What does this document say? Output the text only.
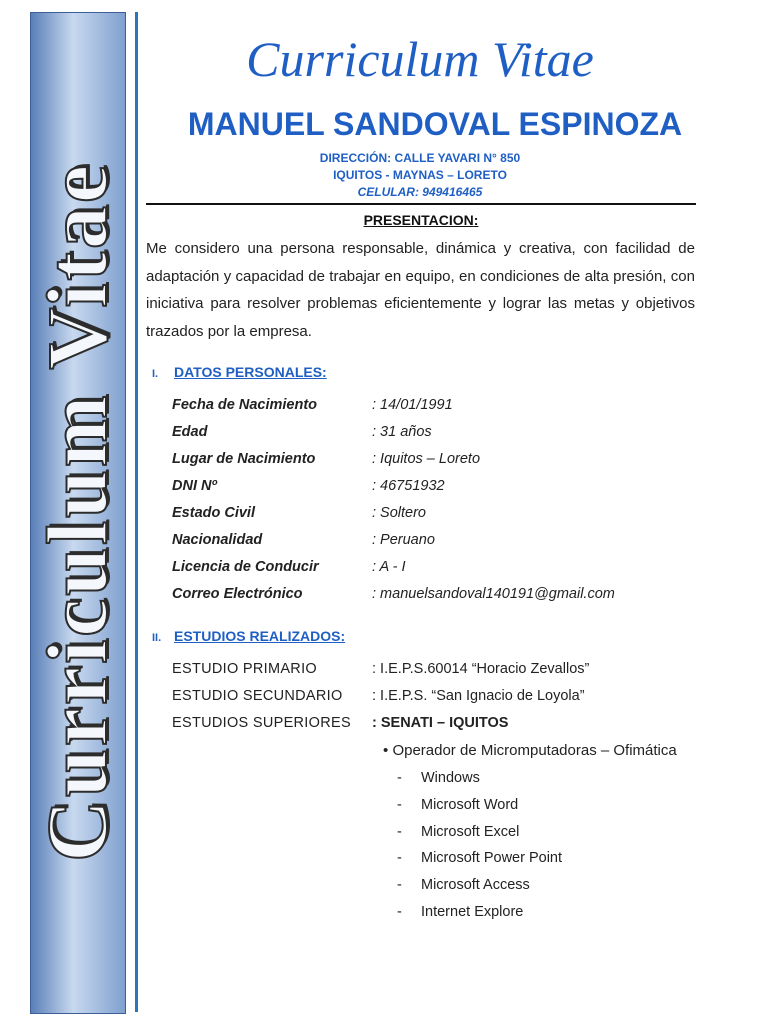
Curriculum Vitae
Curriculum Vitae
MANUEL SANDOVAL ESPINOZA
DIRECCIÓN: CALLE YAVARI N° 850
IQUITOS - MAYNAS – LORETO
CELULAR: 949416465
PRESENTACION:
Me considero una persona responsable, dinámica y creativa, con facilidad de adaptación y capacidad de trabajar en equipo, en condiciones de alta presión, con iniciativa para resolver problemas eficientemente y lograr las metas y objetivos trazados por la empresa.
I. DATOS PERSONALES:
Fecha de Nacimiento	: 14/01/1991
Edad	: 31 años
Lugar de Nacimiento	: Iquitos – Loreto
DNI Nº	: 46751932
Estado Civil	: Soltero
Nacionalidad	: Peruano
Licencia de Conducir	: A - I
Correo Electrónico	: manuelsandoval140191@gmail.com
II. ESTUDIOS REALIZADOS:
ESTUDIO PRIMARIO	: I.E.P.S.60014 “Horacio Zevallos”
ESTUDIO SECUNDARIO : I.E.P.S. “San Ignacio de Loyola”
ESTUDIOS SUPERIORES : SENATI – IQUITOS
• Operador de Micromputadoras – Ofimática
- Windows
- Microsoft Word
- Microsoft Excel
- Microsoft Power Point
- Microsoft Access
- Internet Explore
